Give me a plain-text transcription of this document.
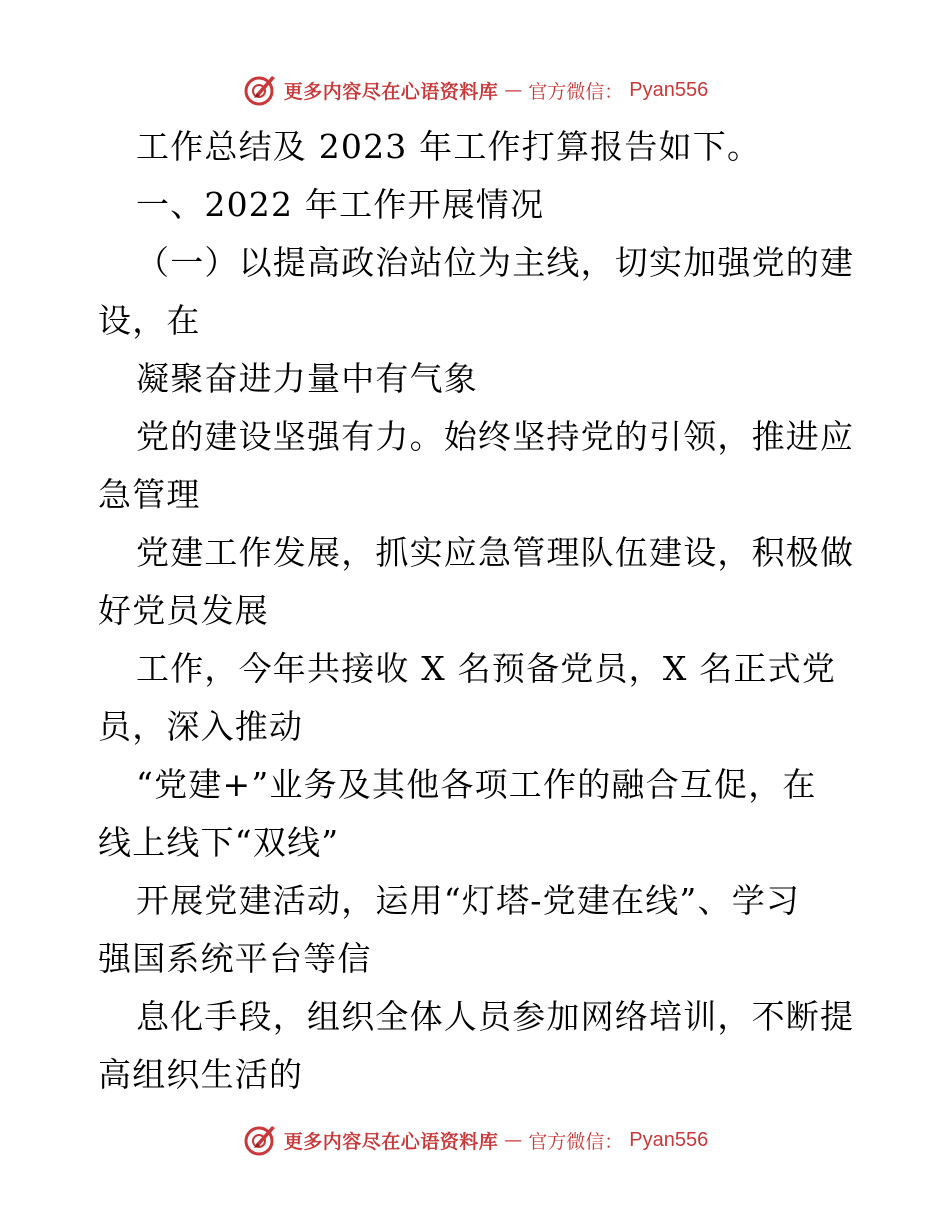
更多内容尽在心语资料库 — 官方微信： Pyan556

工作总结及 2023 年工作打算报告如下。

一、2022 年工作开展情况

（一）以提高政治站位为主线，切实加强党的建

设，在

凝聚奋进力量中有气象

党的建设坚强有力。始终坚持党的引领，推进应

急管理

党建工作发展，抓实应急管理队伍建设，积极做

好党员发展

工作，今年共接收 X 名预备党员，X 名正式党

员，深入推动

“党建+”业务及其他各项工作的融合互促，在

线上线下“双线”

开展党建活动，运用“灯塔-党建在线”、学习

强国系统平台等信

息化手段，组织全体人员参加网络培训，不断提

高组织生活的

更多内容尽在心语资料库 — 官方微信： Pyan556
